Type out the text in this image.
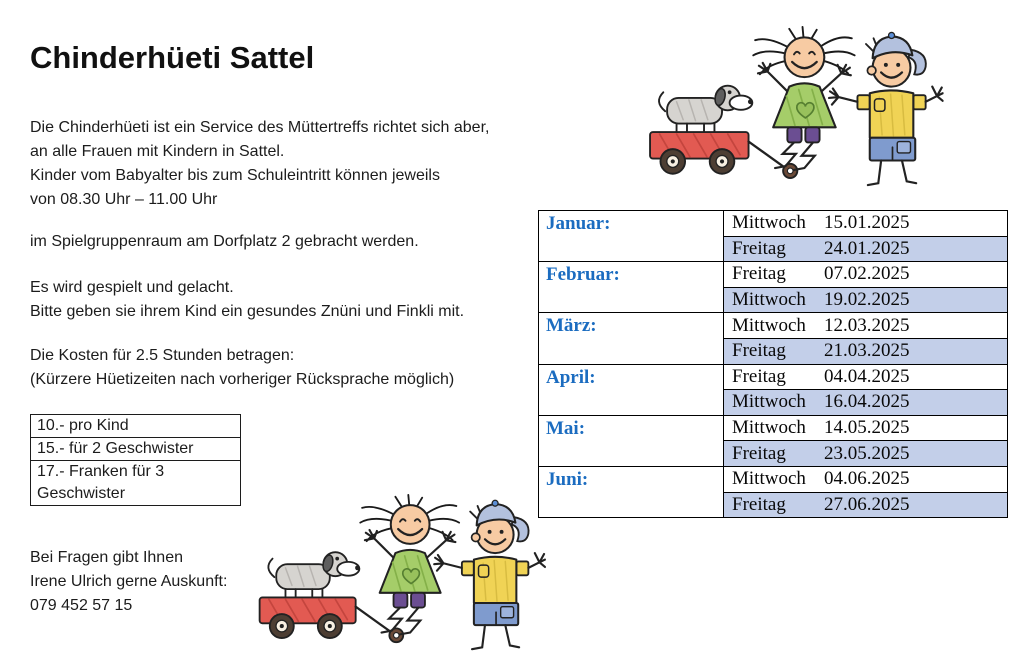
Chinderhüeti Sattel
Die Chinderhüeti ist ein Service des Müttertreffs richtet sich aber,
an alle Frauen mit Kindern in Sattel.
Kinder vom Babyalter bis zum Schuleintritt können jeweils
von 08.30 Uhr – 11.00 Uhr
im Spielgruppenraum am Dorfplatz 2 gebracht werden.
Es wird gespielt und gelacht.
Bitte geben sie ihrem Kind ein gesundes Znüni und Finkli mit.
Die Kosten für 2.5 Stunden betragen:
(Kürzere Hüetizeiten nach vorheriger Rücksprache möglich)
10.- pro Kind
15.- für 2 Geschwister
17.- Franken für 3 Geschwister
Bei Fragen gibt Ihnen
Irene Ulrich gerne Auskunft:
079 452 57 15
Januar:	Mittwoch 15.01.2025
	Freitag 24.01.2025
Februar:	Freitag 07.02.2025
	Mittwoch 19.02.2025
März:	Mittwoch 12.03.2025
	Freitag 21.03.2025
April:	Freitag 04.04.2025
	Mittwoch 16.04.2025
Mai:	Mittwoch 14.05.2025
	Freitag 23.05.2025
Juni:	Mittwoch 04.06.2025
	Freitag 27.06.2025
